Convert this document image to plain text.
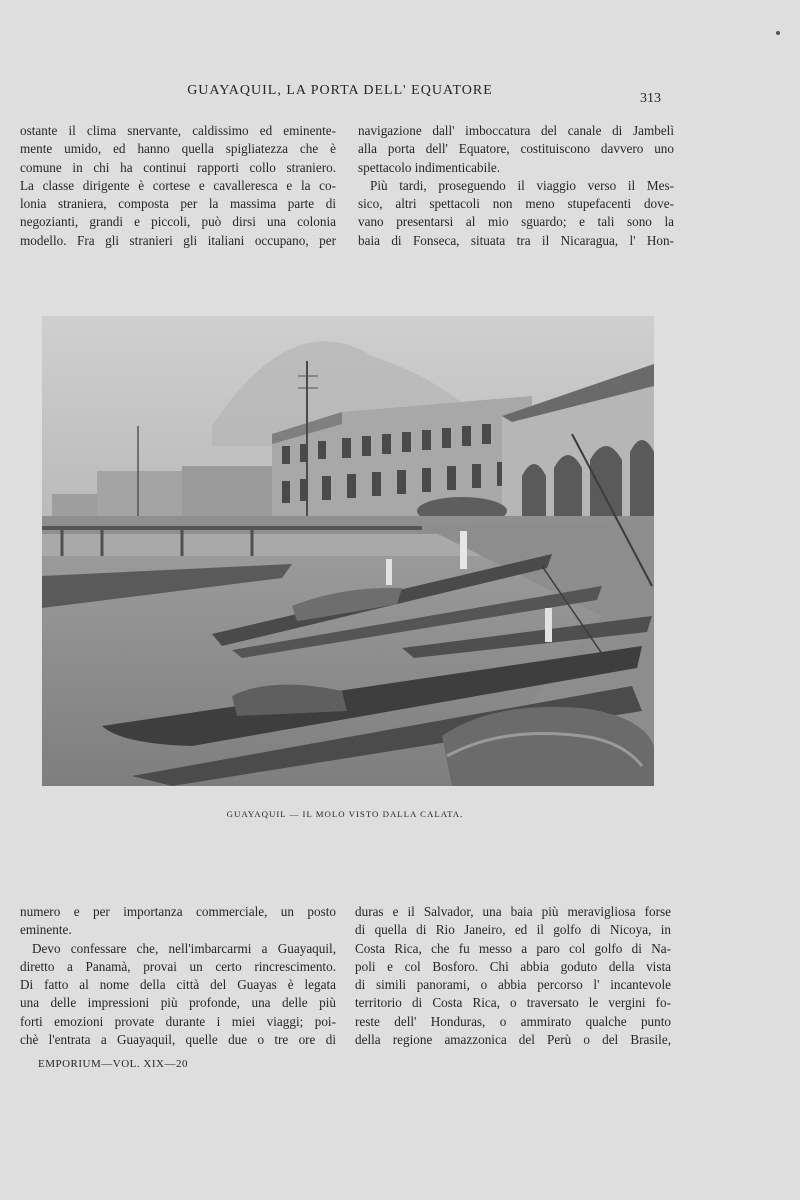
GUAYAQUIL, LA PORTA DELL' EQUATORE
313
ostante il clima snervante, caldissimo ed eminente-
mente umido, ed hanno quella spigliatezza che è
comune in chi ha continui rapporti collo straniero.
La classe dirigente è cortese e cavalleresca e la co-
lonia straniera, composta per la massima parte di
negozianti, grandi e piccoli, può dirsi una colonia
modello. Fra gli stranieri gli italiani occupano, per
navigazione dall' imboccatura del canale di Jambelì
alla porta dell' Equatore, costituiscono davvero uno
spettacolo indimenticabile.
Più tardi, proseguendo il viaggio verso il Mes-
sico, altri spettacoli non meno stupefacenti dove-
vano presentarsi al mio sguardo; e tali sono la
baia di Fonseca, situata tra il Nicaragua, l' Hon-
GUAYAQUIL — IL MOLO VISTO DALLA CALATA.
numero e per importanza commerciale, un posto
eminente.
Devo confessare che, nell'imbarcarmi a Guayaquil,
diretto a Panamà, provai un certo rincrescimento.
Di fatto al nome della città del Guayas è legata
una delle impressioni più profonde, una delle più
forti emozioni provate durante i miei viaggi; poi-
chè l'entrata a Guayaquil, quelle due o tre ore di
duras e il Salvador, una baia più meravigliosa forse
di quella di Rio Janeiro, ed il golfo di Nicoya, in
Costa Rica, che fu messo a paro col golfo di Na-
poli e col Bosforo. Chi abbia goduto della vista
di simili panorami, o abbia percorso l' incantevole
territorio di Costa Rica, o traversato le vergini fo-
reste dell' Honduras, o ammirato qualche punto
della regione amazzonica del Perù o del Brasile,
EMPORIUM—VOL. XIX—20
